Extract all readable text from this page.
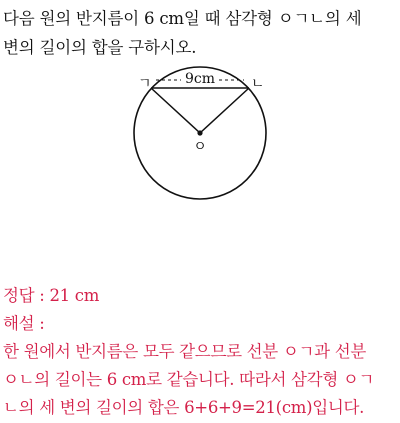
다음 원의 반지름이 6 cm일 때 삼각형 ㅇㄱㄴ의 세
변의 길이의 합을 구하시오.
9cm
ㄱ	ㄴ
ㅇ
정답 : 21 cm
해설 :
한 원에서 반지름은 모두 같으므로 선분 ㅇㄱ과 선분
ㅇㄴ의 길이는 6 cm로 같습니다. 따라서 삼각형 ㅇㄱ
ㄴ의 세 변의 길이의 합은 6+6+9=21(cm)입니다.
